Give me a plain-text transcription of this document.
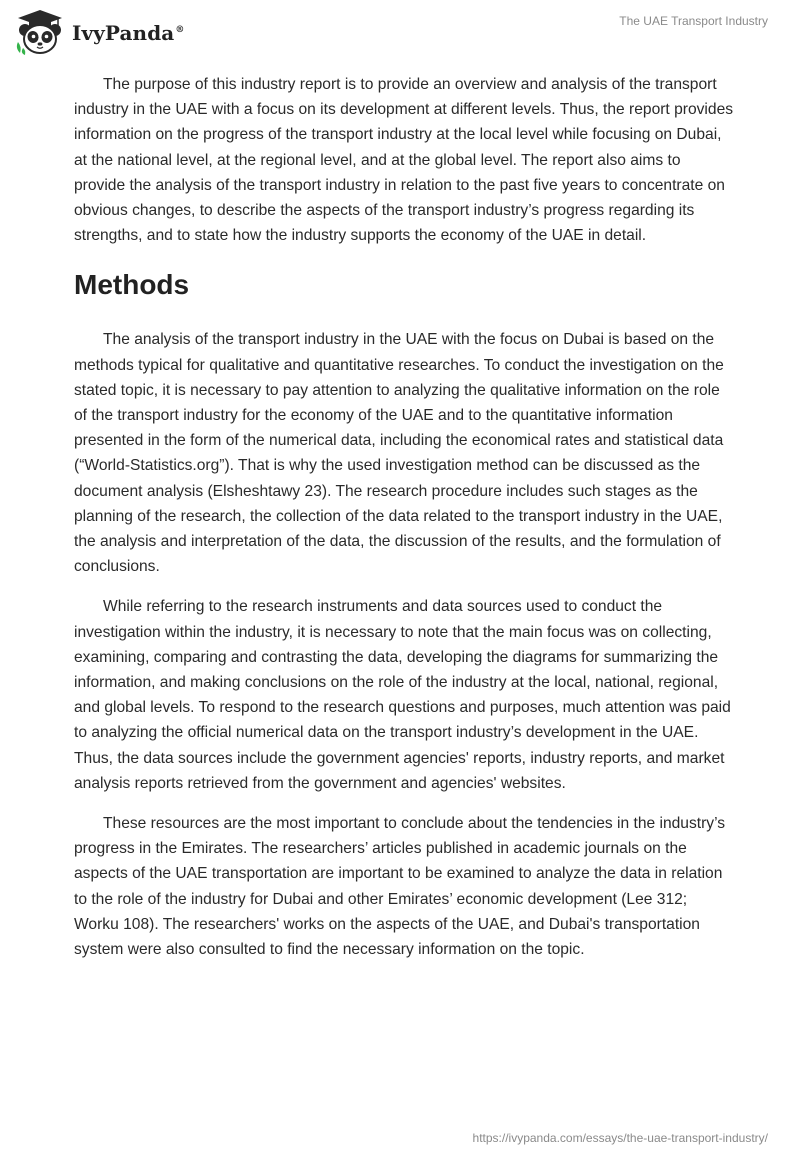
IvyPanda®
The UAE Transport Industry

The purpose of this industry report is to provide an overview and analysis of the transport industry in the UAE with a focus on its development at different levels. Thus, the report provides information on the progress of the transport industry at the local level while focusing on Dubai, at the national level, at the regional level, and at the global level. The report also aims to provide the analysis of the transport industry in relation to the past five years to concentrate on obvious changes, to describe the aspects of the transport industry’s progress regarding its strengths, and to state how the industry supports the economy of the UAE in detail.

Methods

The analysis of the transport industry in the UAE with the focus on Dubai is based on the methods typical for qualitative and quantitative researches. To conduct the investigation on the stated topic, it is necessary to pay attention to analyzing the qualitative information on the role of the transport industry for the economy of the UAE and to the quantitative information presented in the form of the numerical data, including the economical rates and statistical data (“World-Statistics.org”). That is why the used investigation method can be discussed as the document analysis (Elsheshtawy 23). The research procedure includes such stages as the planning of the research, the collection of the data related to the transport industry in the UAE, the analysis and interpretation of the data, the discussion of the results, and the formulation of conclusions.

While referring to the research instruments and data sources used to conduct the investigation within the industry, it is necessary to note that the main focus was on collecting, examining, comparing and contrasting the data, developing the diagrams for summarizing the information, and making conclusions on the role of the industry at the local, national, regional, and global levels. To respond to the research questions and purposes, much attention was paid to analyzing the official numerical data on the transport industry’s development in the UAE. Thus, the data sources include the government agencies' reports, industry reports, and market analysis reports retrieved from the government and agencies' websites.

These resources are the most important to conclude about the tendencies in the industry’s progress in the Emirates. The researchers’ articles published in academic journals on the aspects of the UAE transportation are important to be examined to analyze the data in relation to the role of the industry for Dubai and other Emirates’ economic development (Lee 312; Worku 108). The researchers' works on the aspects of the UAE, and Dubai's transportation system were also consulted to find the necessary information on the topic.

https://ivypanda.com/essays/the-uae-transport-industry/
